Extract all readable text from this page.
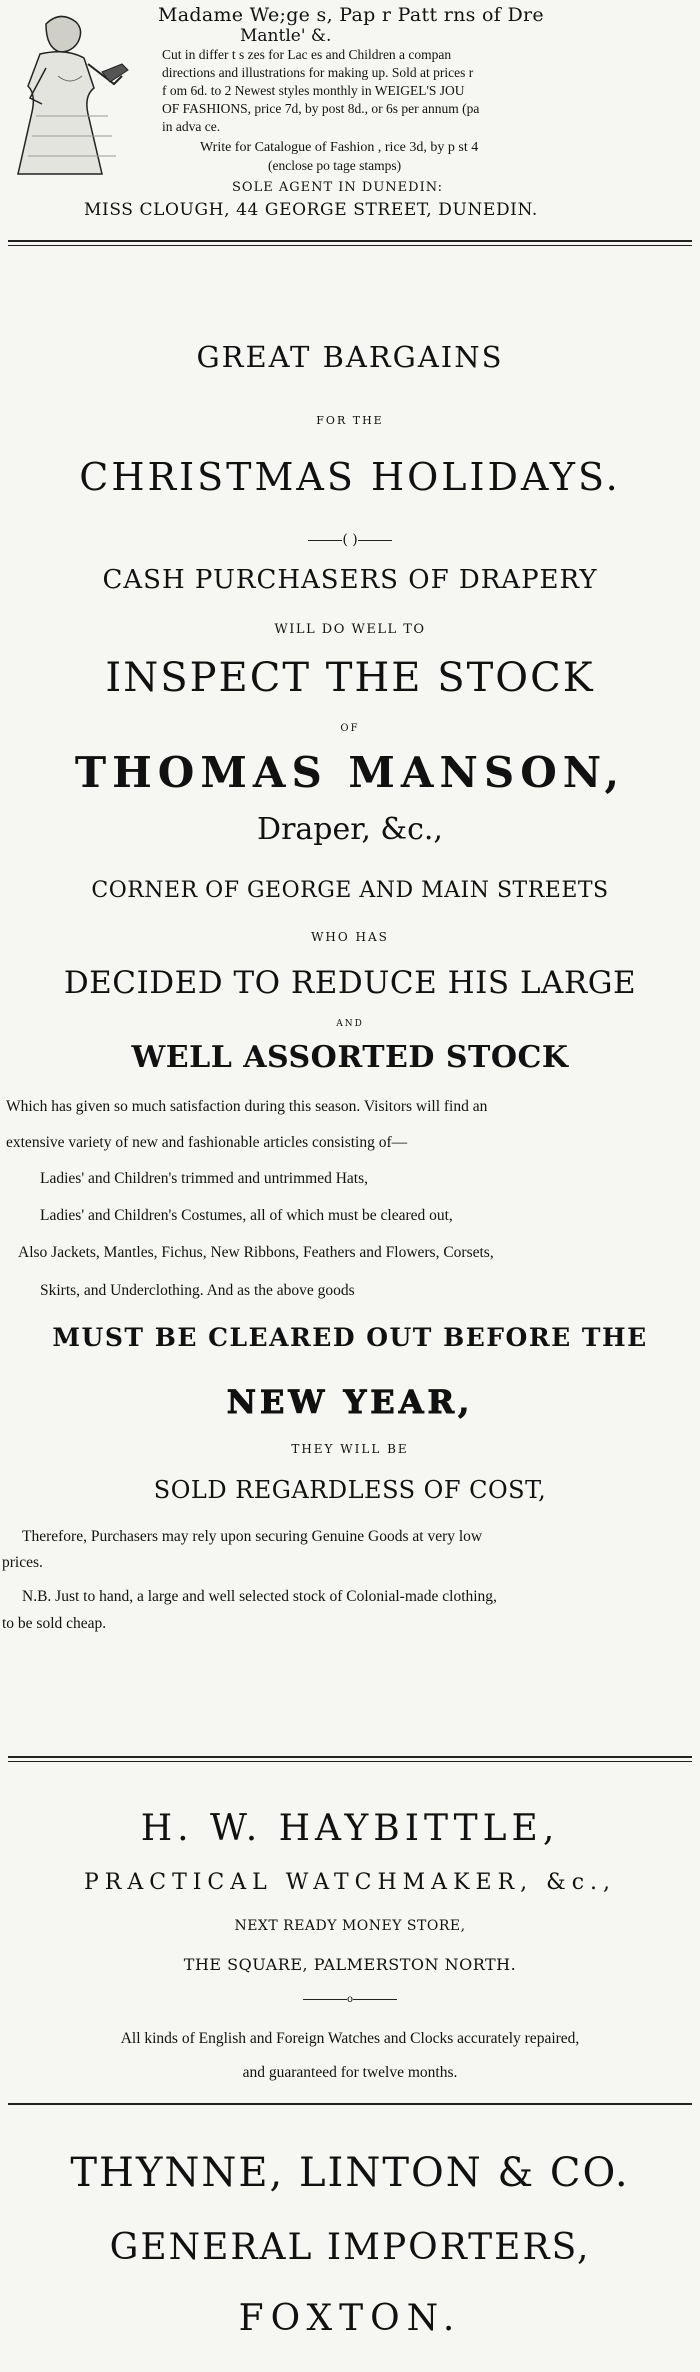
Madame We;ge s, Pap r Patt rns of Dre
Mantle' &.
Cut in differ t s zes for Lac es and Children a compan
directions and illustrations for making up. Sold at prices r
f om 6d. to 2 Newest styles monthly in WEIGEL'S JOU
OF FASHIONS, price 7d, by post 8d., or 6s per annum (pa
in adva ce.
Write for Catalogue of Fashion , rice 3d, by p st 4
(enclose po tage stamps)
SOLE AGENT IN DUNEDIN:
MISS CLOUGH, 44 GEORGE STREET, DUNEDIN.
GREAT BARGAINS
FOR THE
CHRISTMAS HOLIDAYS.
( )
CASH PURCHASERS OF DRAPERY
WILL DO WELL TO
INSPECT THE STOCK
OF
THOMAS MANSON,
Draper, &c.,
CORNER OF GEORGE AND MAIN STREETS
WHO HAS
DECIDED TO REDUCE HIS LARGE
AND
WELL ASSORTED STOCK
Which has given so much satisfaction during this season. Visitors will find an
extensive variety of new and fashionable articles consisting of—
Ladies' and Children's trimmed and untrimmed Hats,
Ladies' and Children's Costumes, all of which must be cleared out,
Also Jackets, Mantles, Fichus, New Ribbons, Feathers and Flowers, Corsets,
Skirts, and Underclothing. And as the above goods
MUST BE CLEARED OUT BEFORE THE
NEW YEAR,
THEY WILL BE
SOLD REGARDLESS OF COST,
Therefore, Purchasers may rely upon securing Genuine Goods at very low
prices.
N.B. Just to hand, a large and well selected stock of Colonial-made clothing,
to be sold cheap.
H. W. HAYBITTLE,
PRACTICAL WATCHMAKER, &c.,
NEXT READY MONEY STORE,
THE SQUARE, PALMERSTON NORTH.
o
All kinds of English and Foreign Watches and Clocks accurately repaired,
and guaranteed for twelve months.
THYNNE, LINTON & CO.
GENERAL IMPORTERS,
FOXTON.
